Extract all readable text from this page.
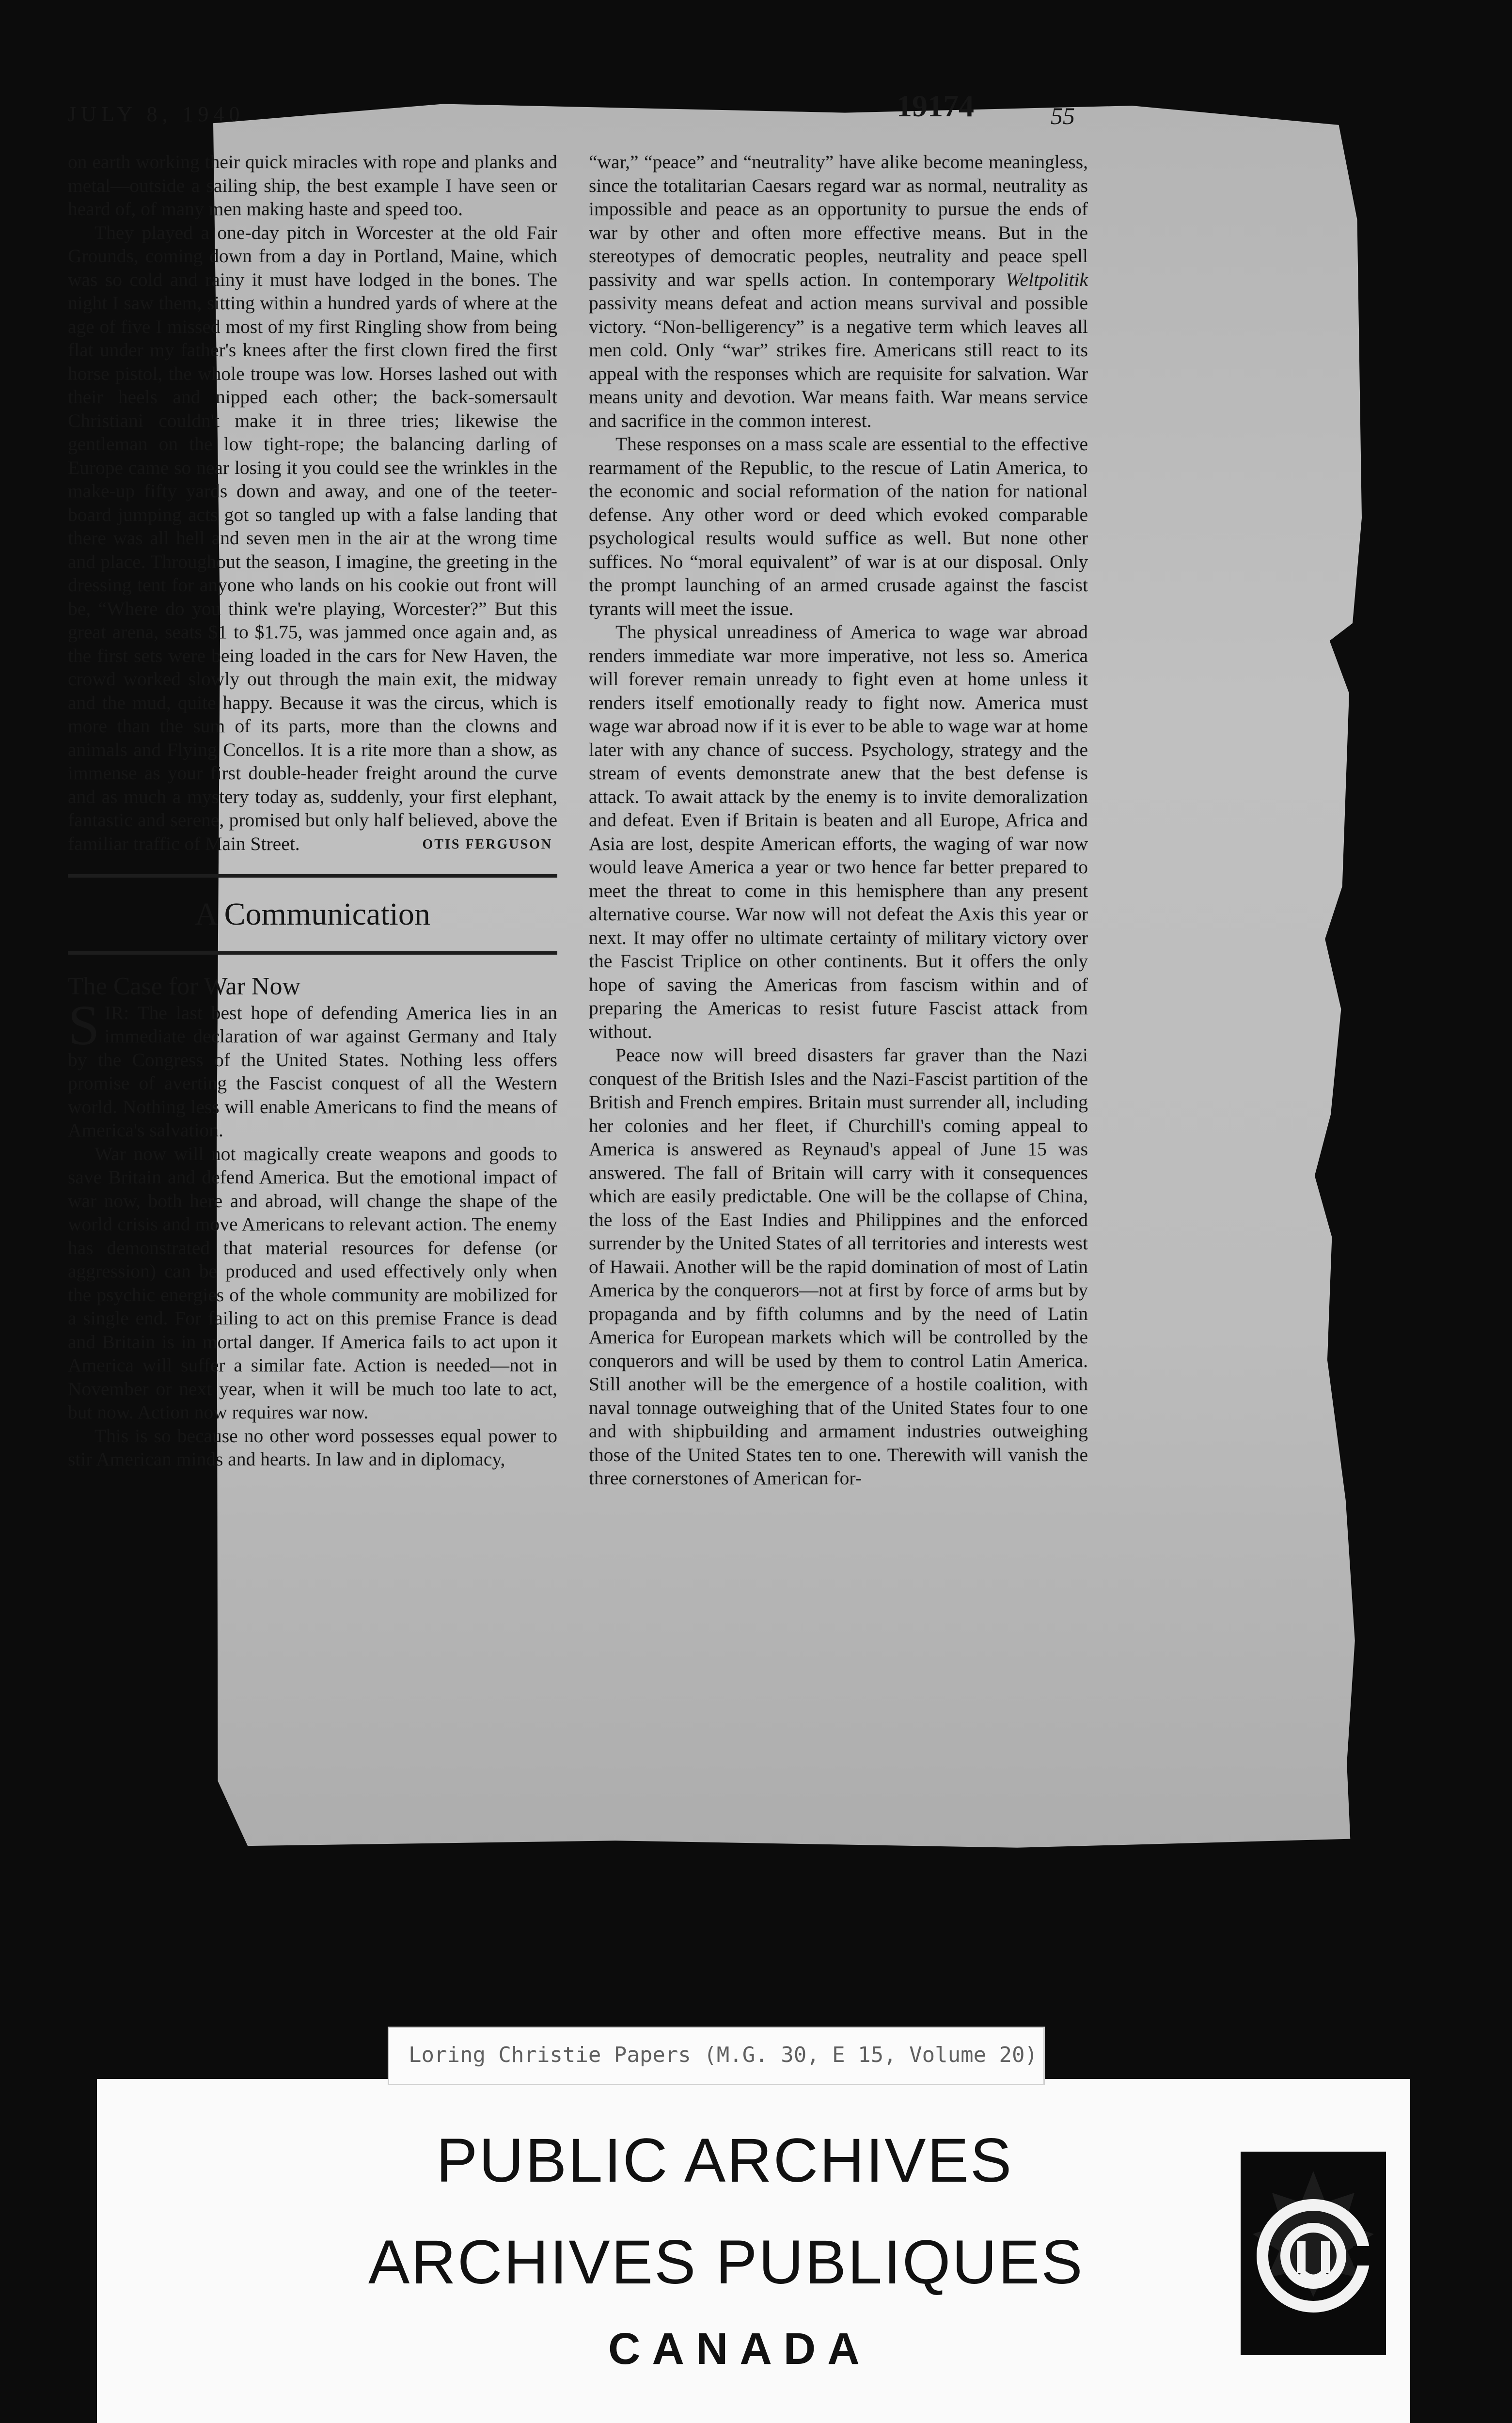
JULY 8, 1940	19174	55

on earth working their quick miracles with rope and planks and metal—outside a sailing ship, the best example I have seen or heard of, of many men making haste and speed too.

They played a one-day pitch in Worcester at the old Fair Grounds, coming down from a day in Portland, Maine, which was so cold and rainy it must have lodged in the bones. The night I saw them, sitting within a hundred yards of where at the age of five I missed most of my first Ringling show from being flat under my father's knees after the first clown fired the first horse pistol, the whole troupe was low. Horses lashed out with their heels and nipped each other; the back-somersault Christiani couldn't make it in three tries; likewise the gentleman on the low tight-rope; the balancing darling of Europe came so near losing it you could see the wrinkles in the make-up fifty yards down and away, and one of the teeter-board jumping acts got so tangled up with a false landing that there was all hell and seven men in the air at the wrong time and place. Throughout the season, I imagine, the greeting in the dressing tent for anyone who lands on his cookie out front will be, “Where do you think we're playing, Worcester?” But this great arena, seats $1 to $1.75, was jammed once again and, as the first sets were being loaded in the cars for New Haven, the crowd worked slowly out through the main exit, the midway and the mud, quite happy. Because it was the circus, which is more than the sum of its parts, more than the clowns and animals and Flying Concellos. It is a rite more than a show, as immense as your first double-header freight around the curve and as much a mystery today as, suddenly, your first elephant, fantastic and serene, promised but only half believed, above the familiar traffic of Main Street.	OTIS FERGUSON
A Communication

The Case for War Now

SIR: The last best hope of defending America lies in an immediate declaration of war against Germany and Italy by the Congress of the United States. Nothing less offers promise of averting the Fascist conquest of all the Western world. Nothing less will enable Americans to find the means of America's salvation.

War now will not magically create weapons and goods to save Britain and defend America. But the emotional impact of war now, both here and abroad, will change the shape of the world crisis and move Americans to relevant action. The enemy has demonstrated that material resources for defense (or aggression) can be produced and used effectively only when the psychic energies of the whole community are mobilized for a single end. For failing to act on this premise France is dead and Britain is in mortal danger. If America fails to act upon it America will suffer a similar fate. Action is needed—not in November or next year, when it will be much too late to act, but now. Action now requires war now.

This is so because no other word possesses equal power to stir American minds and hearts. In law and in diplomacy,

“war,” “peace” and “neutrality” have alike become meaningless, since the totalitarian Caesars regard war as normal, neutrality as impossible and peace as an opportunity to pursue the ends of war by other and often more effective means. But in the stereotypes of democratic peoples, neutrality and peace spell passivity and war spells action. In contemporary Weltpolitik passivity means defeat and action means survival and possible victory. “Non-belligerency” is a negative term which leaves all men cold. Only “war” strikes fire. Americans still react to its appeal with the responses which are requisite for salvation. War means unity and devotion. War means faith. War means service and sacrifice in the common interest.

These responses on a mass scale are essential to the effective rearmament of the Republic, to the rescue of Latin America, to the economic and social reformation of the nation for national defense. Any other word or deed which evoked comparable psychological results would suffice as well. But none other suffices. No “moral equivalent” of war is at our disposal. Only the prompt launching of an armed crusade against the fascist tyrants will meet the issue.

The physical unreadiness of America to wage war abroad renders immediate war more imperative, not less so. America will forever remain unready to fight even at home unless it renders itself emotionally ready to fight now. America must wage war abroad now if it is ever to be able to wage war at home later with any chance of success. Psychology, strategy and the stream of events demonstrate anew that the best defense is attack. To await attack by the enemy is to invite demoralization and defeat. Even if Britain is beaten and all Europe, Africa and Asia are lost, despite American efforts, the waging of war now would leave America a year or two hence far better prepared to meet the threat to come in this hemisphere than any present alternative course. War now will not defeat the Axis this year or next. It may offer no ultimate certainty of military victory over the Fascist Triplice on other continents. But it offers the only hope of saving the Americas from fascism within and of preparing the Americas to resist future Fascist attack from without.

Peace now will breed disasters far graver than the Nazi conquest of the British Isles and the Nazi-Fascist partition of the British and French empires. Britain must surrender all, including her colonies and her fleet, if Churchill's coming appeal to America is answered as Reynaud's appeal of June 15 was answered. The fall of Britain will carry with it consequences which are easily predictable. One will be the collapse of China, the loss of the East Indies and Philippines and the enforced surrender by the United States of all territories and interests west of Hawaii. Another will be the rapid domination of most of Latin America by the conquerors—not at first by force of arms but by propaganda and by fifth columns and by the need of Latin America for European markets which will be controlled by the conquerors and will be used by them to control Latin America. Still another will be the emergence of a hostile coalition, with naval tonnage outweighing that of the United States four to one and with shipbuilding and armament industries outweighing those of the United States ten to one. Therewith will vanish the three cornerstones of American for-

PUBLIC ARCHIVES
ARCHIVES PUBLIQUES
CANADA
Loring Christie Papers (M.G. 30, E 15, Volume 20)
